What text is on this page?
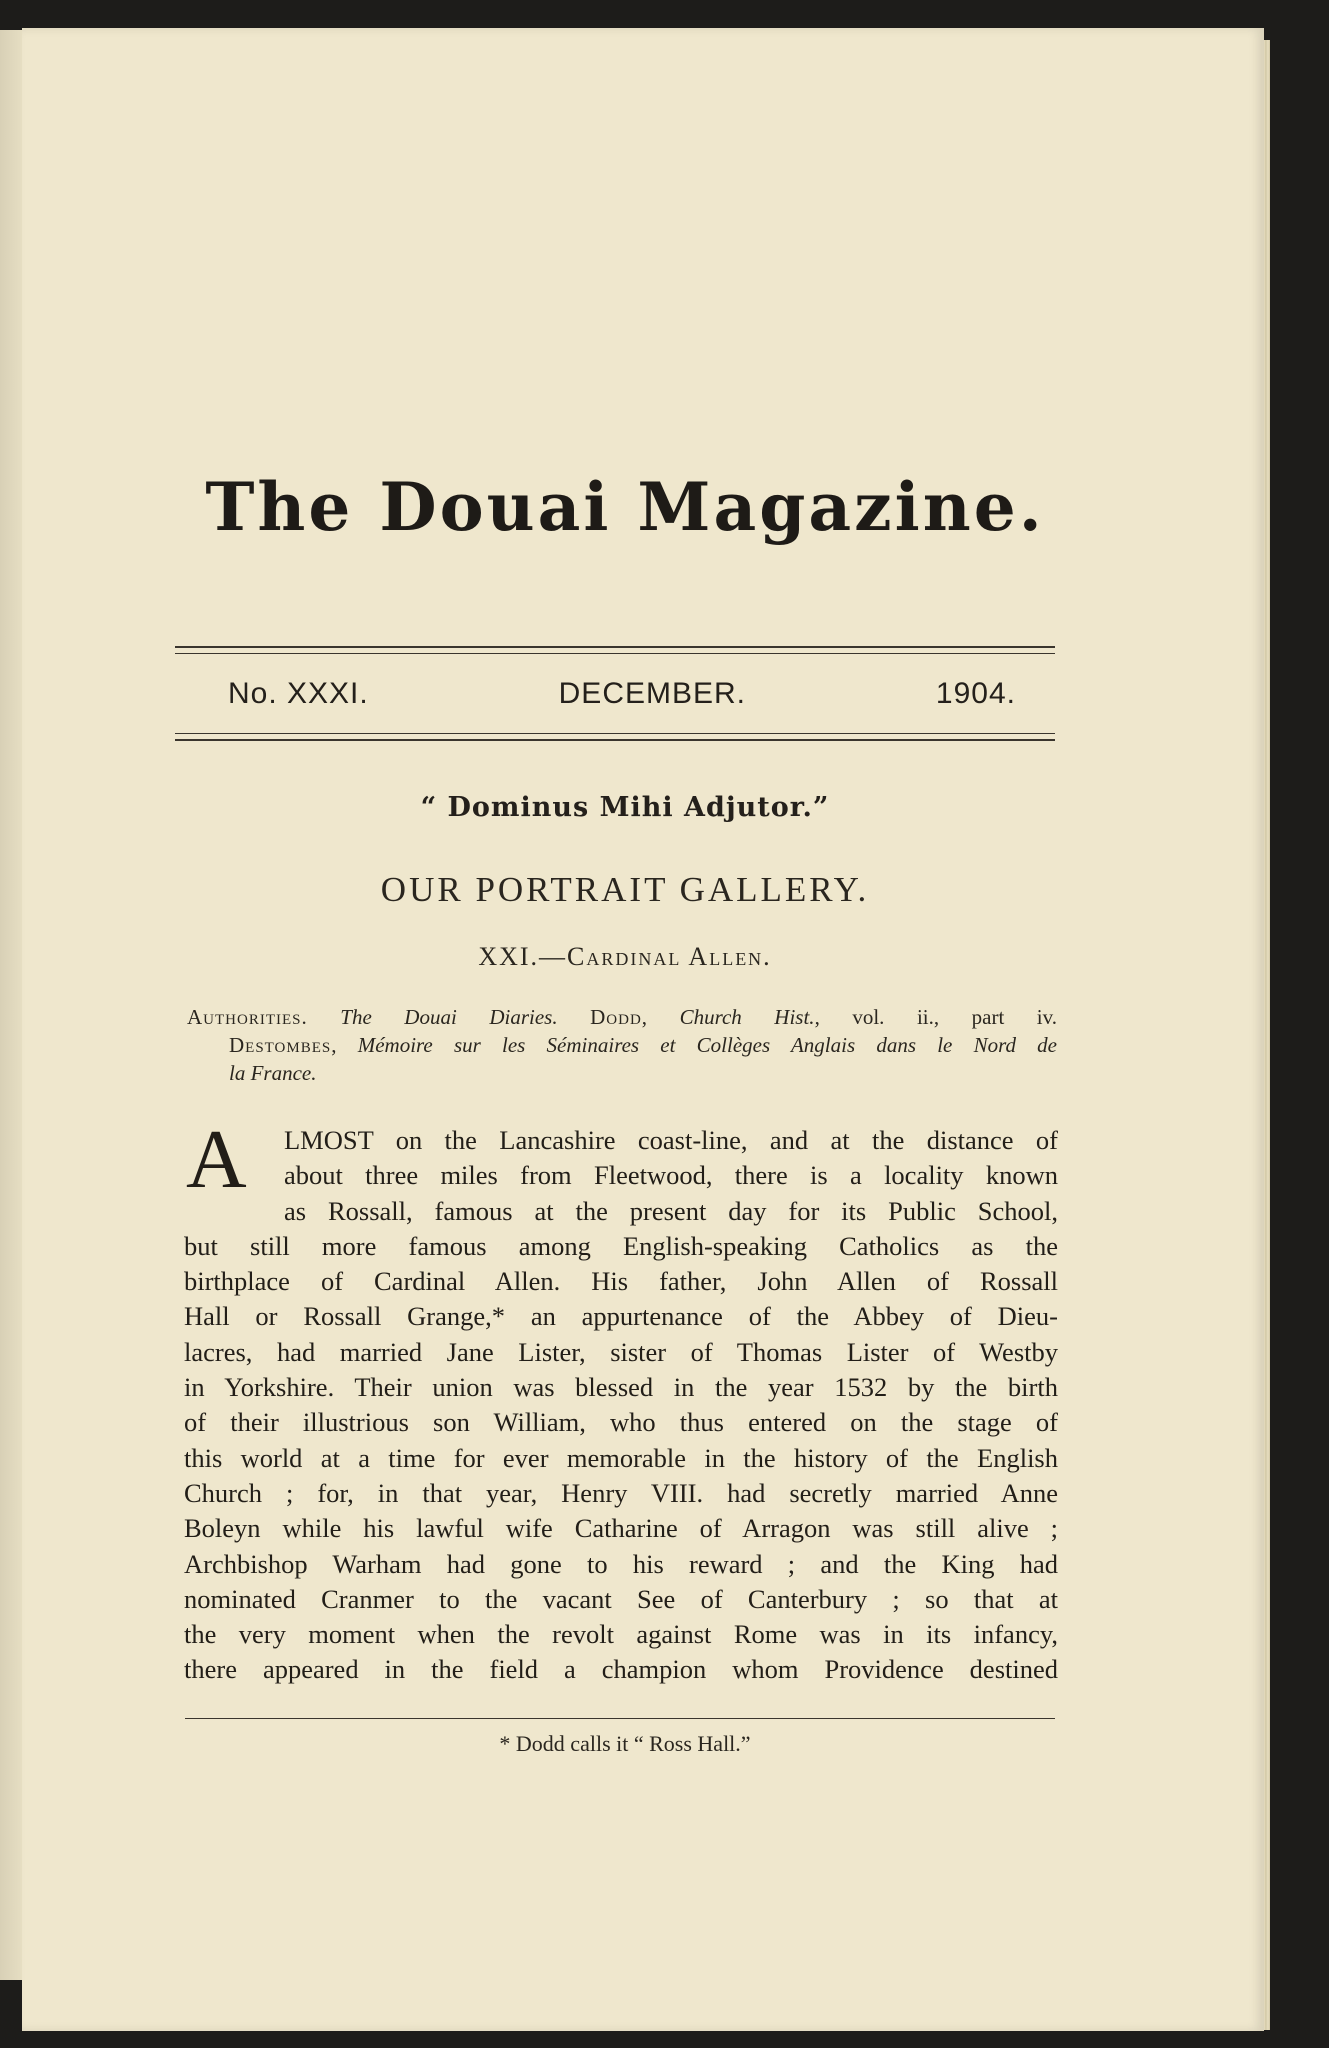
The Douai Magazine.
No. XXXI.	DECEMBER.	1904.
“ Dominus Mihi Adjutor.”
OUR PORTRAIT GALLERY.
XXI.—Cardinal Allen.
Authorities. The Douai Diaries. Dodd, Church Hist., vol. ii., part iv.
Destombes, Mémoire sur les Séminaires et Collèges Anglais dans le Nord de
la France.
A	LMOST on the Lancashire coast-line, and at the distance of
about three miles from Fleetwood, there is a locality known
as Rossall, famous at the present day for its Public School,
but still more famous among English-speaking Catholics as the
birthplace of Cardinal Allen. His father, John Allen of Rossall
Hall or Rossall Grange,* an appurtenance of the Abbey of Dieu-
lacres, had married Jane Lister, sister of Thomas Lister of Westby
in Yorkshire. Their union was blessed in the year 1532 by the birth
of their illustrious son William, who thus entered on the stage of
this world at a time for ever memorable in the history of the English
Church ; for, in that year, Henry VIII. had secretly married Anne
Boleyn while his lawful wife Catharine of Arragon was still alive ;
Archbishop Warham had gone to his reward ; and the King had
nominated Cranmer to the vacant See of Canterbury ; so that at
the very moment when the revolt against Rome was in its infancy,
there appeared in the field a champion whom Providence destined
* Dodd calls it “ Ross Hall.”
